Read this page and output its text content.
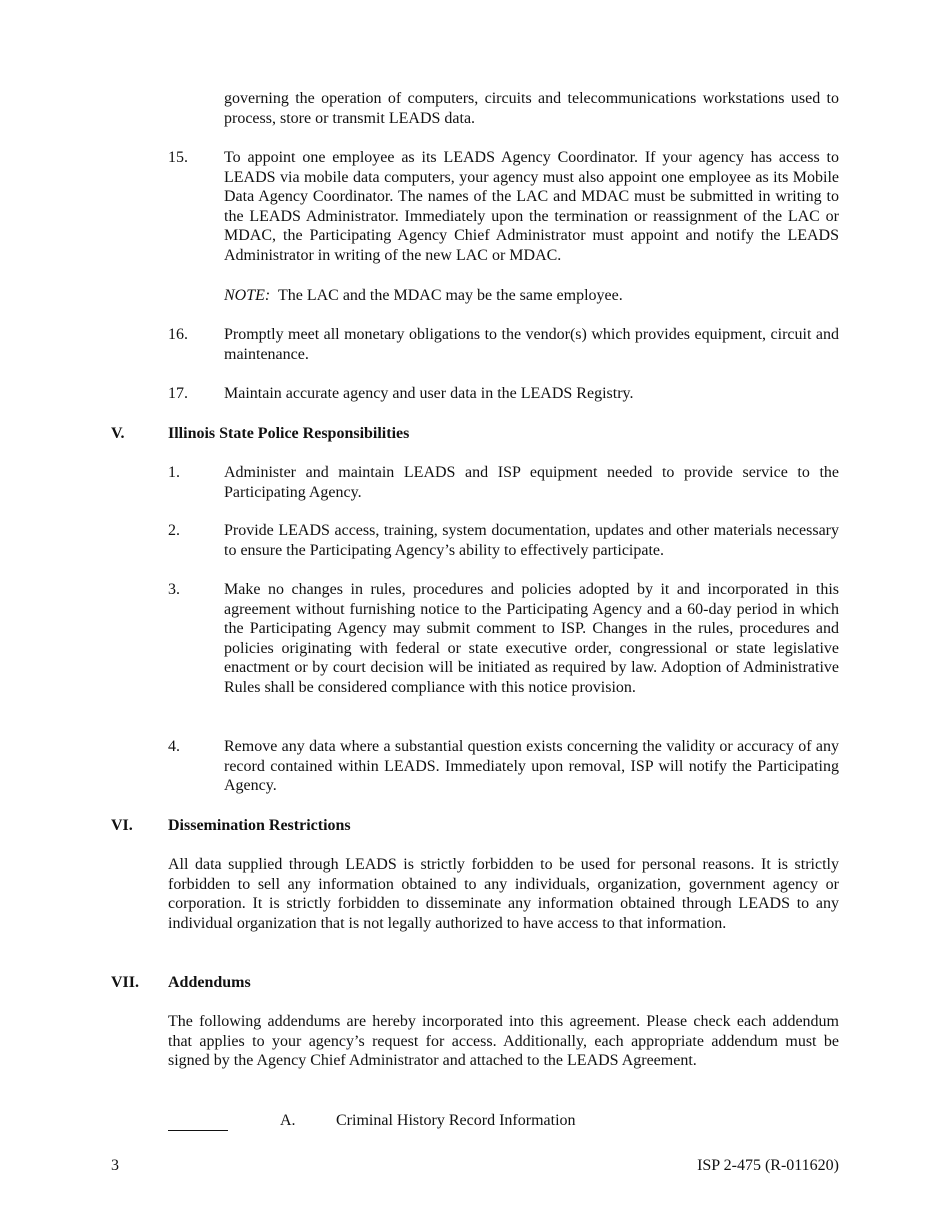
governing the operation of computers, circuits and telecommunications workstations used to process, store or transmit LEADS data.

15. To appoint one employee as its LEADS Agency Coordinator. If your agency has access to LEADS via mobile data computers, your agency must also appoint one employee as its Mobile Data Agency Coordinator. The names of the LAC and MDAC must be submitted in writing to the LEADS Administrator. Immediately upon the termination or reassignment of the LAC or MDAC, the Participating Agency Chief Administrator must appoint and notify the LEADS Administrator in writing of the new LAC or MDAC.

NOTE: The LAC and the MDAC may be the same employee.

16. Promptly meet all monetary obligations to the vendor(s) which provides equipment, circuit and maintenance.

17. Maintain accurate agency and user data in the LEADS Registry.

V.	Illinois State Police Responsibilities

1.	Administer and maintain LEADS and ISP equipment needed to provide service to the Participating Agency.

2.	Provide LEADS access, training, system documentation, updates and other materials necessary to ensure the Participating Agency’s ability to effectively participate.

3.	Make no changes in rules, procedures and policies adopted by it and incorporated in this agreement without furnishing notice to the Participating Agency and a 60-day period in which the Participating Agency may submit comment to ISP. Changes in the rules, procedures and policies originating with federal or state executive order, congressional or state legislative enactment or by court decision will be initiated as required by law. Adoption of Administrative Rules shall be considered compliance with this notice provision.

4.	Remove any data where a substantial question exists concerning the validity or accuracy of any record contained within LEADS. Immediately upon removal, ISP will notify the Participating Agency.

VI. Dissemination Restrictions

All data supplied through LEADS is strictly forbidden to be used for personal reasons. It is strictly forbidden to sell any information obtained to any individuals, organization, government agency or corporation. It is strictly forbidden to disseminate any information obtained through LEADS to any individual organization that is not legally authorized to have access to that information.

VII. Addendums

The following addendums are hereby incorporated into this agreement. Please check each addendum that applies to your agency’s request for access. Additionally, each appropriate addendum must be signed by the Agency Chief Administrator and attached to the LEADS Agreement.

A.	Criminal History Record Information

3	ISP 2-475 (R-011620)
